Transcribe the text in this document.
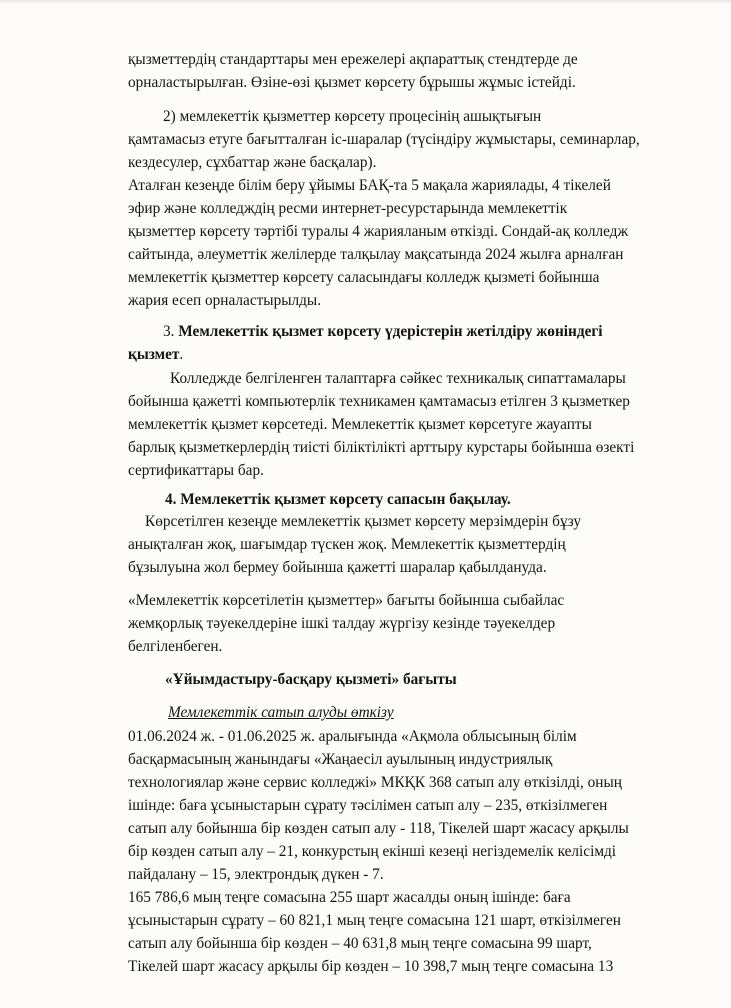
қызметтердің стандарттары мен ережелері ақпараттық стендтерде де
орналастырылған. Өзіне-өзі қызмет көрсету бұрышы жұмыс істейді.
2) мемлекеттік қызметтер көрсету процесінің ашықтығын
қамтамасыз етуге бағытталған іс-шаралар (түсіндіру жұмыстары, семинарлар,
кездесулер, сұхбаттар және басқалар).
Аталған кезеңде білім беру ұйымы БАҚ-та 5 мақала жариялады, 4 тікелей
эфир және колледждің ресми интернет-ресурстарында мемлекеттік
қызметтер көрсету тәртібі туралы 4 жарияланым өткізді. Сондай-ақ колледж
сайтында, әлеуметтік желілерде талқылау мақсатында 2024 жылға арналған
мемлекеттік қызметтер көрсету саласындағы колледж қызметі бойынша
жария есеп орналастырылды.
3. Мемлекеттік қызмет көрсету үдерістерін жетілдіру жөніндегі
қызмет.
Колледжде белгіленген талаптарға сәйкес техникалық сипаттамалары
бойынша қажетті компьютерлік техникамен қамтамасыз етілген 3 қызметкер
мемлекеттік қызмет көрсетеді. Мемлекеттік қызмет көрсетуге жауапты
барлық қызметкерлердің тиісті біліктілікті арттыру курстары бойынша өзекті
сертификаттары бар.
4. Мемлекеттік қызмет көрсету сапасын бақылау.
Көрсетілген кезеңде мемлекеттік қызмет көрсету мерзімдерін бұзу
анықталған жоқ, шағымдар түскен жоқ. Мемлекеттік қызметтердің
бұзылуына жол бермеу бойынша қажетті шаралар қабылдануда.
«Мемлекеттік көрсетілетін қызметтер» бағыты бойынша сыбайлас
жемқорлық тәуекелдеріне ішкі талдау жүргізу кезінде тәуекелдер
белгіленбеген.
«Ұйымдастыру-басқару қызметі» бағыты
Мемлекеттік сатып алуды өткізу
01.06.2024 ж. - 01.06.2025 ж. аралығында «Ақмола облысының білім
басқармасының жанындағы «Жаңаесіл ауылының индустриялық
технологиялар және сервис колледжі» МКҚК 368 сатып алу өткізілді, оның
ішінде: баға ұсыныстарын сұрату тәсілімен сатып алу – 235, өткізілмеген
сатып алу бойынша бір көзден сатып алу - 118, Тікелей шарт жасасу арқылы
бір көзден сатып алу – 21, конкурстың екінші кезеңі негіздемелік келісімді
пайдалану – 15, электрондық дүкен - 7.
165 786,6 мың теңге сомасына 255 шарт жасалды оның ішінде: баға
ұсыныстарын сұрату – 60 821,1 мың теңге сомасына 121 шарт, өткізілмеген
сатып алу бойынша бір көзден – 40 631,8 мың теңге сомасына 99 шарт,
Тікелей шарт жасасу арқылы бір көзден – 10 398,7 мың теңге сомасына 13
